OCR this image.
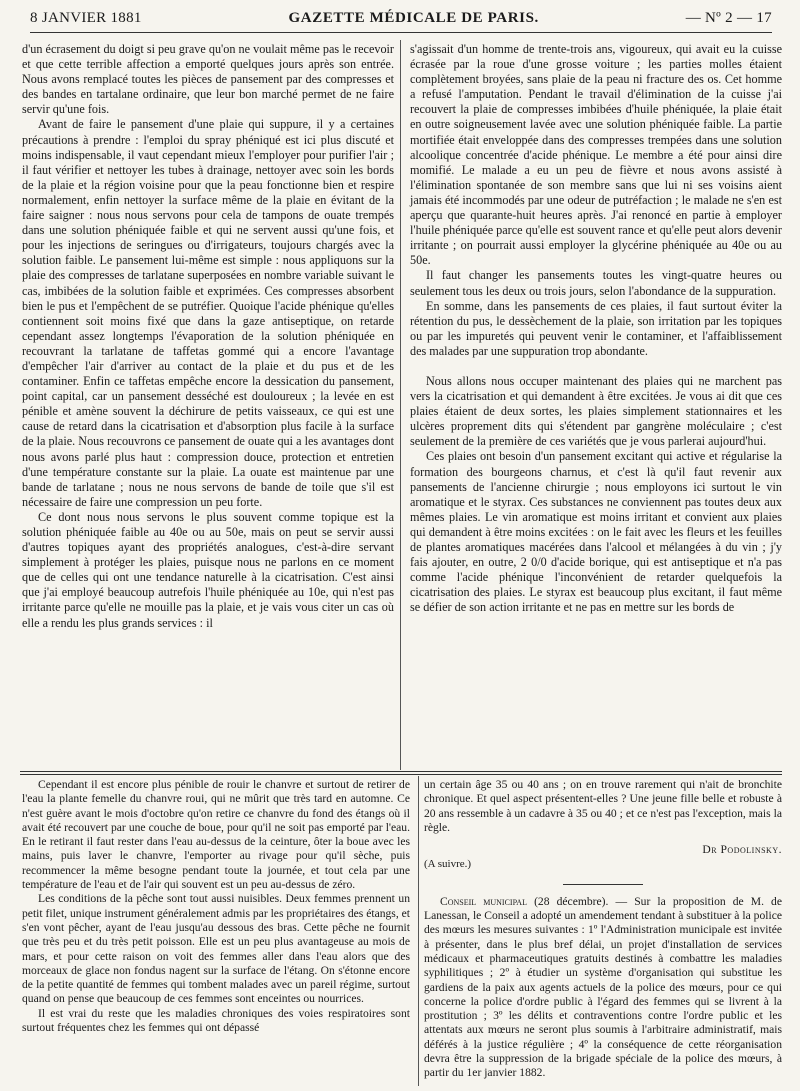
8 JANVIER 1881	GAZETTE MÉDICALE DE PARIS.	— Nº 2 — 17

d'un écrasement du doigt si peu grave qu'on ne voulait même pas le recevoir et que cette terrible affection a emporté quelques jours après son entrée. Nous avons remplacé toutes les pièces de pansement par des compresses et des bandes en tartalane ordinaire, que leur bon marché permet de ne faire servir qu'une fois.

Avant de faire le pansement d'une plaie qui suppure, il y a certaines précautions à prendre : l'emploi du spray phéniqué est ici plus discuté et moins indispensable, il vaut cependant mieux l'employer pour purifier l'air ; il faut vérifier et nettoyer les tubes à drainage, nettoyer avec soin les bords de la plaie et la région voisine pour que la peau fonctionne bien et respire normalement, enfin nettoyer la surface même de la plaie en évitant de la faire saigner : nous nous servons pour cela de tampons de ouate trempés dans une solution phéniquée faible et qui ne servent aussi qu'une fois, et pour les injections de seringues ou d'irrigateurs, toujours chargés avec la solution faible. Le pansement lui-même est simple : nous appliquons sur la plaie des compresses de tarlatane superposées en nombre variable suivant le cas, imbibées de la solution faible et exprimées. Ces compresses absorbent bien le pus et l'empêchent de se putréfier. Quoique l'acide phénique qu'elles contiennent soit moins fixé que dans la gaze antiseptique, on retarde cependant assez longtemps l'évaporation de la solution phéniquée en recouvrant la tarlatane de taffetas gommé qui a encore l'avantage d'empêcher l'air d'arriver au contact de la plaie et du pus et de les contaminer. Enfin ce taffetas empêche encore la dessication du pansement, point capital, car un pansement desséché est douloureux ; la levée en est pénible et amène souvent la déchirure de petits vaisseaux, ce qui est une cause de retard dans la cicatrisation et d'absorption plus facile à la surface de la plaie. Nous recouvrons ce pansement de ouate qui a les avantages dont nous avons parlé plus haut : compression douce, protection et entretien d'une température constante sur la plaie. La ouate est maintenue par une bande de tarlatane ; nous ne nous servons de bande de toile que s'il est nécessaire de faire une compression un peu forte.

Ce dont nous nous servons le plus souvent comme topique est la solution phéniquée faible au 40e ou au 50e, mais on peut se servir aussi d'autres topiques ayant des propriétés analogues, c'est-à-dire servant simplement à protéger les plaies, puisque nous ne parlons en ce moment que de celles qui ont une tendance naturelle à la cicatrisation. C'est ainsi que j'ai employé beaucoup autrefois l'huile phéniquée au 10e, qui n'est pas irritante parce qu'elle ne mouille pas la plaie, et je vais vous citer un cas où elle a rendu les plus grands services : il

s'agissait d'un homme de trente-trois ans, vigoureux, qui avait eu la cuisse écrasée par la roue d'une grosse voiture ; les parties molles étaient complètement broyées, sans plaie de la peau ni fracture des os. Cet homme a refusé l'amputation. Pendant le travail d'élimination de la cuisse j'ai recouvert la plaie de compresses imbibées d'huile phéniquée, la plaie était en outre soigneusement lavée avec une solution phéniquée faible. La partie mortifiée était enveloppée dans des compresses trempées dans une solution alcoolique concentrée d'acide phénique. Le membre a été pour ainsi dire momifié. Le malade a eu un peu de fièvre et nous avons assisté à l'élimination spontanée de son membre sans que lui ni ses voisins aient jamais été incommodés par une odeur de putréfaction ; le malade ne s'en est aperçu que quarante-huit heures après. J'ai renoncé en partie à employer l'huile phéniquée parce qu'elle est souvent rance et qu'elle peut alors devenir irritante ; on pourrait aussi employer la glycérine phéniquée au 40e ou au 50e.

Il faut changer les pansements toutes les vingt-quatre heures ou seulement tous les deux ou trois jours, selon l'abondance de la suppuration.

En somme, dans les pansements de ces plaies, il faut surtout éviter la rétention du pus, le dessèchement de la plaie, son irritation par les topiques ou par les impuretés qui peuvent venir le contaminer, et l'affaiblissement des malades par une suppuration trop abondante.

Nous allons nous occuper maintenant des plaies qui ne marchent pas vers la cicatrisation et qui demandent à être excitées. Je vous ai dit que ces plaies étaient de deux sortes, les plaies simplement stationnaires et les ulcères proprement dits qui s'étendent par gangrène moléculaire ; c'est seulement de la première de ces variétés que je vous parlerai aujourd'hui.

Ces plaies ont besoin d'un pansement excitant qui active et régularise la formation des bourgeons charnus, et c'est là qu'il faut revenir aux pansements de l'ancienne chirurgie ; nous employons ici surtout le vin aromatique et le styrax. Ces substances ne conviennent pas toutes deux aux mêmes plaies. Le vin aromatique est moins irritant et convient aux plaies qui demandent à être moins excitées : on le fait avec les fleurs et les feuilles de plantes aromatiques macérées dans l'alcool et mélangées à du vin ; j'y fais ajouter, en outre, 2 0/0 d'acide borique, qui est antiseptique et n'a pas comme l'acide phénique l'inconvénient de retarder quelquefois la cicatrisation des plaies. Le styrax est beaucoup plus excitant, il faut même se défier de son action irritante et ne pas en mettre sur les bords de

Cependant il est encore plus pénible de rouir le chanvre et surtout de retirer de l'eau la plante femelle du chanvre roui, qui ne mûrit que très tard en automne. Ce n'est guère avant le mois d'octobre qu'on retire ce chanvre du fond des étangs où il avait été recouvert par une couche de boue, pour qu'il ne soit pas emporté par l'eau. En le retirant il faut rester dans l'eau au-dessus de la ceinture, ôter la boue avec les mains, puis laver le chanvre, l'emporter au rivage pour qu'il sèche, puis recommencer la même besogne pendant toute la journée, et tout cela par une température de l'eau et de l'air qui souvent est un peu au-dessus de zéro.

Les conditions de la pêche sont tout aussi nuisibles. Deux femmes prennent un petit filet, unique instrument généralement admis par les propriétaires des étangs, et s'en vont pêcher, ayant de l'eau jusqu'au dessous des bras. Cette pêche ne fournit que très peu et du très petit poisson. Elle est un peu plus avantageuse au mois de mars, et pour cette raison on voit des femmes aller dans l'eau alors que des morceaux de glace non fondus nagent sur la surface de l'étang. On s'étonne encore de la petite quantité de femmes qui tombent malades avec un pareil régime, surtout quand on pense que beaucoup de ces femmes sont enceintes ou nourrices.

Il est vrai du reste que les maladies chroniques des voies respiratoires sont surtout fréquentes chez les femmes qui ont dépassé

un certain âge 35 ou 40 ans ; on en trouve rarement qui n'ait de bronchite chronique. Et quel aspect présentent-elles ? Une jeune fille belle et robuste à 20 ans ressemble à un cadavre à 35 ou 40 ; et ce n'est pas l'exception, mais la règle.

Dr Podolinsky.

(A suivre.)

Conseil municipal (28 décembre). — Sur la proposition de M. de Lanessan, le Conseil a adopté un amendement tendant à substituer à la police des mœurs les mesures suivantes : 1º l'Administration municipale est invitée à présenter, dans le plus bref délai, un projet d'installation de services médicaux et pharmaceutiques gratuits destinés à combattre les maladies syphilitiques ; 2º à étudier un système d'organisation qui substitue les gardiens de la paix aux agents actuels de la police des mœurs, pour ce qui concerne la police d'ordre public à l'égard des femmes qui se livrent à la prostitution ; 3º les délits et contraventions contre l'ordre public et les attentats aux mœurs ne seront plus soumis à l'arbitraire administratif, mais déférés à la justice régulière ; 4º la conséquence de cette réorganisation devra être la suppression de la brigade spéciale de la police des mœurs, à partir du 1er janvier 1882.
